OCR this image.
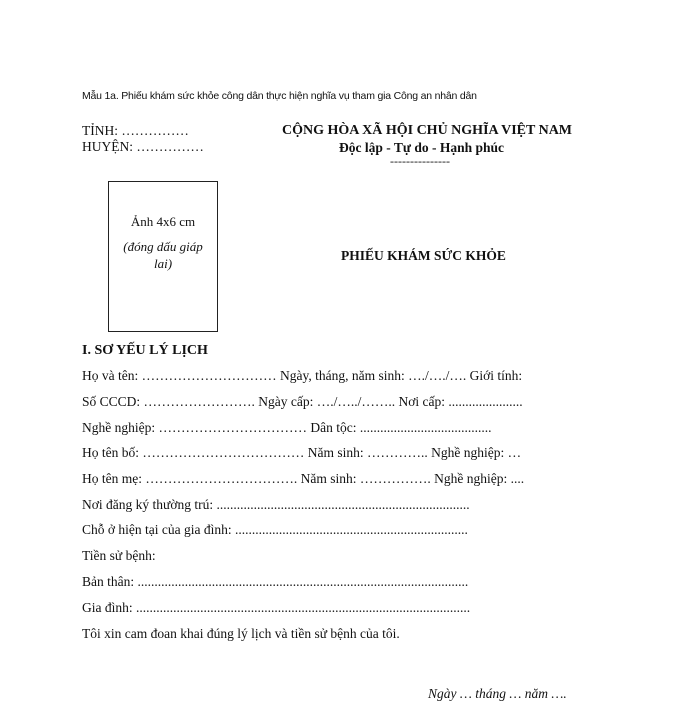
Mẫu 1a. Phiếu khám sức khỏe công dân thực hiện nghĩa vụ tham gia Công an nhân dân
TỈNH: ……………
HUYỆN: ……………
CỘNG HÒA XÃ HỘI CHỦ NGHĨA VIỆT NAM
Độc lập - Tự do - Hạnh phúc
---------------
Ảnh 4x6 cm
(đóng dấu giáp lai)
PHIẾU KHÁM SỨC KHỎE
I. SƠ YẾU LÝ LỊCH
Họ và tên: ………………………… Ngày, tháng, năm sinh: …./…./…. Giới tính:
Số CCCD: ……………………. Ngày cấp: …./…../…….. Nơi cấp: ......................
Nghề nghiệp: …………………………… Dân tộc: .......................................
Họ tên bố: ……………………………… Năm sinh: ………….. Nghề nghiệp: …
Họ tên mẹ: ……………………………. Năm sinh: ……………. Nghề nghiệp: ....
Nơi đăng ký thường trú: ...........................................................................
Chỗ ở hiện tại của gia đình: .....................................................................
Tiền sử bệnh:
Bản thân: ..................................................................................................
Gia đình: ...................................................................................................
Tôi xin cam đoan khai đúng lý lịch và tiền sử bệnh của tôi.
Ngày … tháng … năm ….
